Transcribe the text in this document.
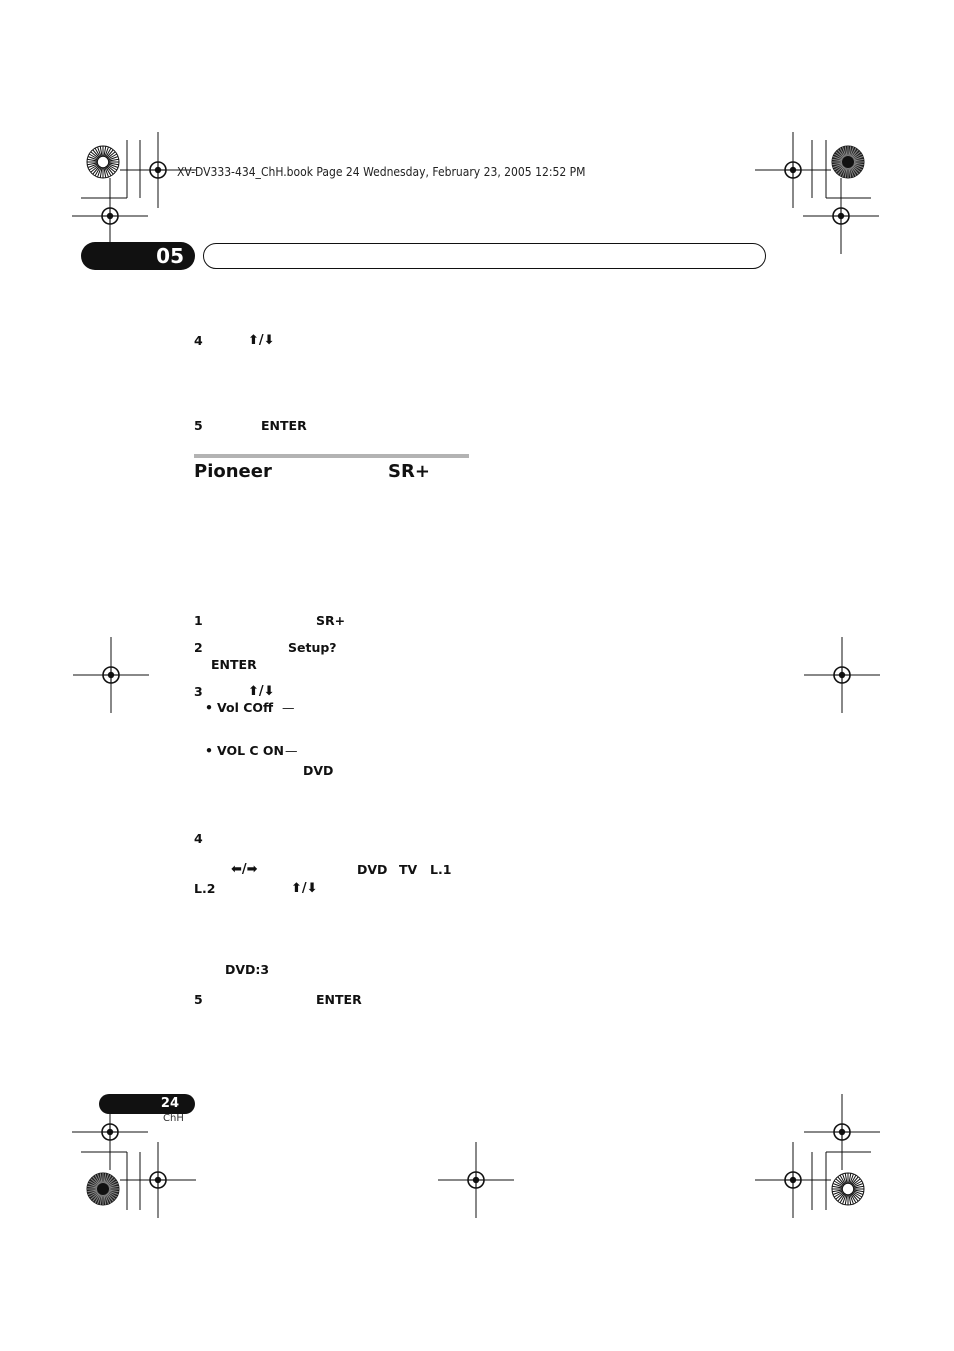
XV-DV333-434_ChH.book Page 24 Wednesday, February 23, 2005 12:52 PM
05
4	⬆/⬇
5	ENTER
Pioneer	SR+
1	SR+
2	Setup?
ENTER
3	⬆/⬇
• Vol COff —
• VOL C ON —
DVD
4
⬅/➡	DVD TV L.1
L.2	⬆/⬇
DVD:3
5	ENTER
24
ChH
